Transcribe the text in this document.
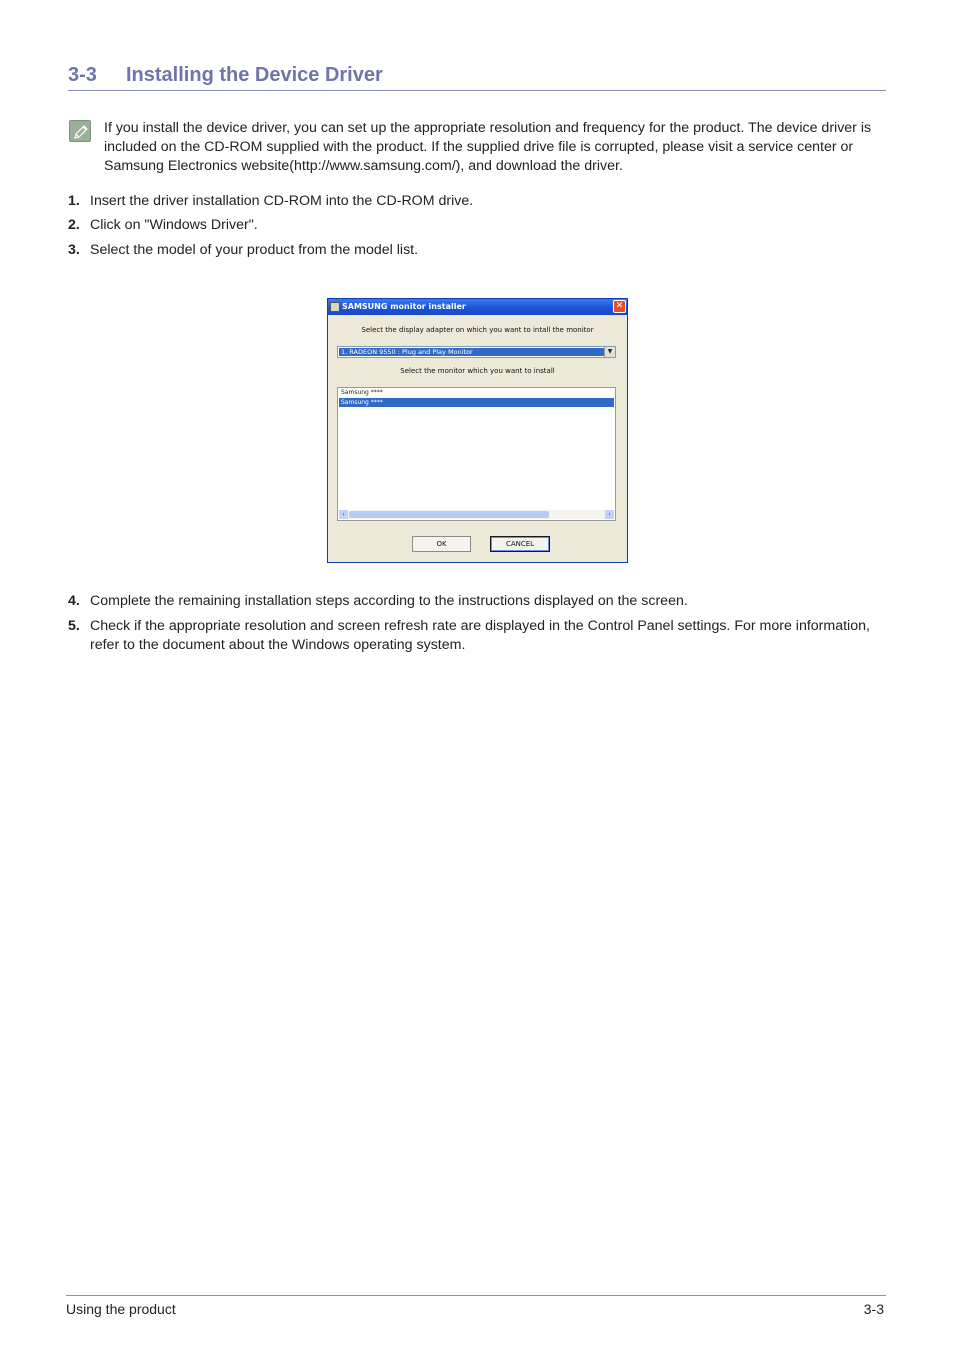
3-3 Installing the Device Driver
If you install the device driver, you can set up the appropriate resolution and frequency for the product. The device driver is included on the CD-ROM supplied with the product. If the supplied drive file is corrupted, please visit a service center or Samsung Electronics website(http://www.samsung.com/), and download the driver.
1. Insert the driver installation CD-ROM into the CD-ROM drive.
2. Click on "Windows Driver".
3. Select the model of your product from the model list.
SAMSUNG monitor installer	✕
Select the display adapter on which you want to intall the monitor
1. RADEON 9550 : Plug and Play Monitor	▼
Select the monitor which you want to install
Samsung ****
Samsung ****
‹	›
OK	CANCEL
4. Complete the remaining installation steps according to the instructions displayed on the screen.
5. Check if the appropriate resolution and screen refresh rate are displayed in the Control Panel settings. For more information, refer to the document about the Windows operating system.
Using the product	3-3
